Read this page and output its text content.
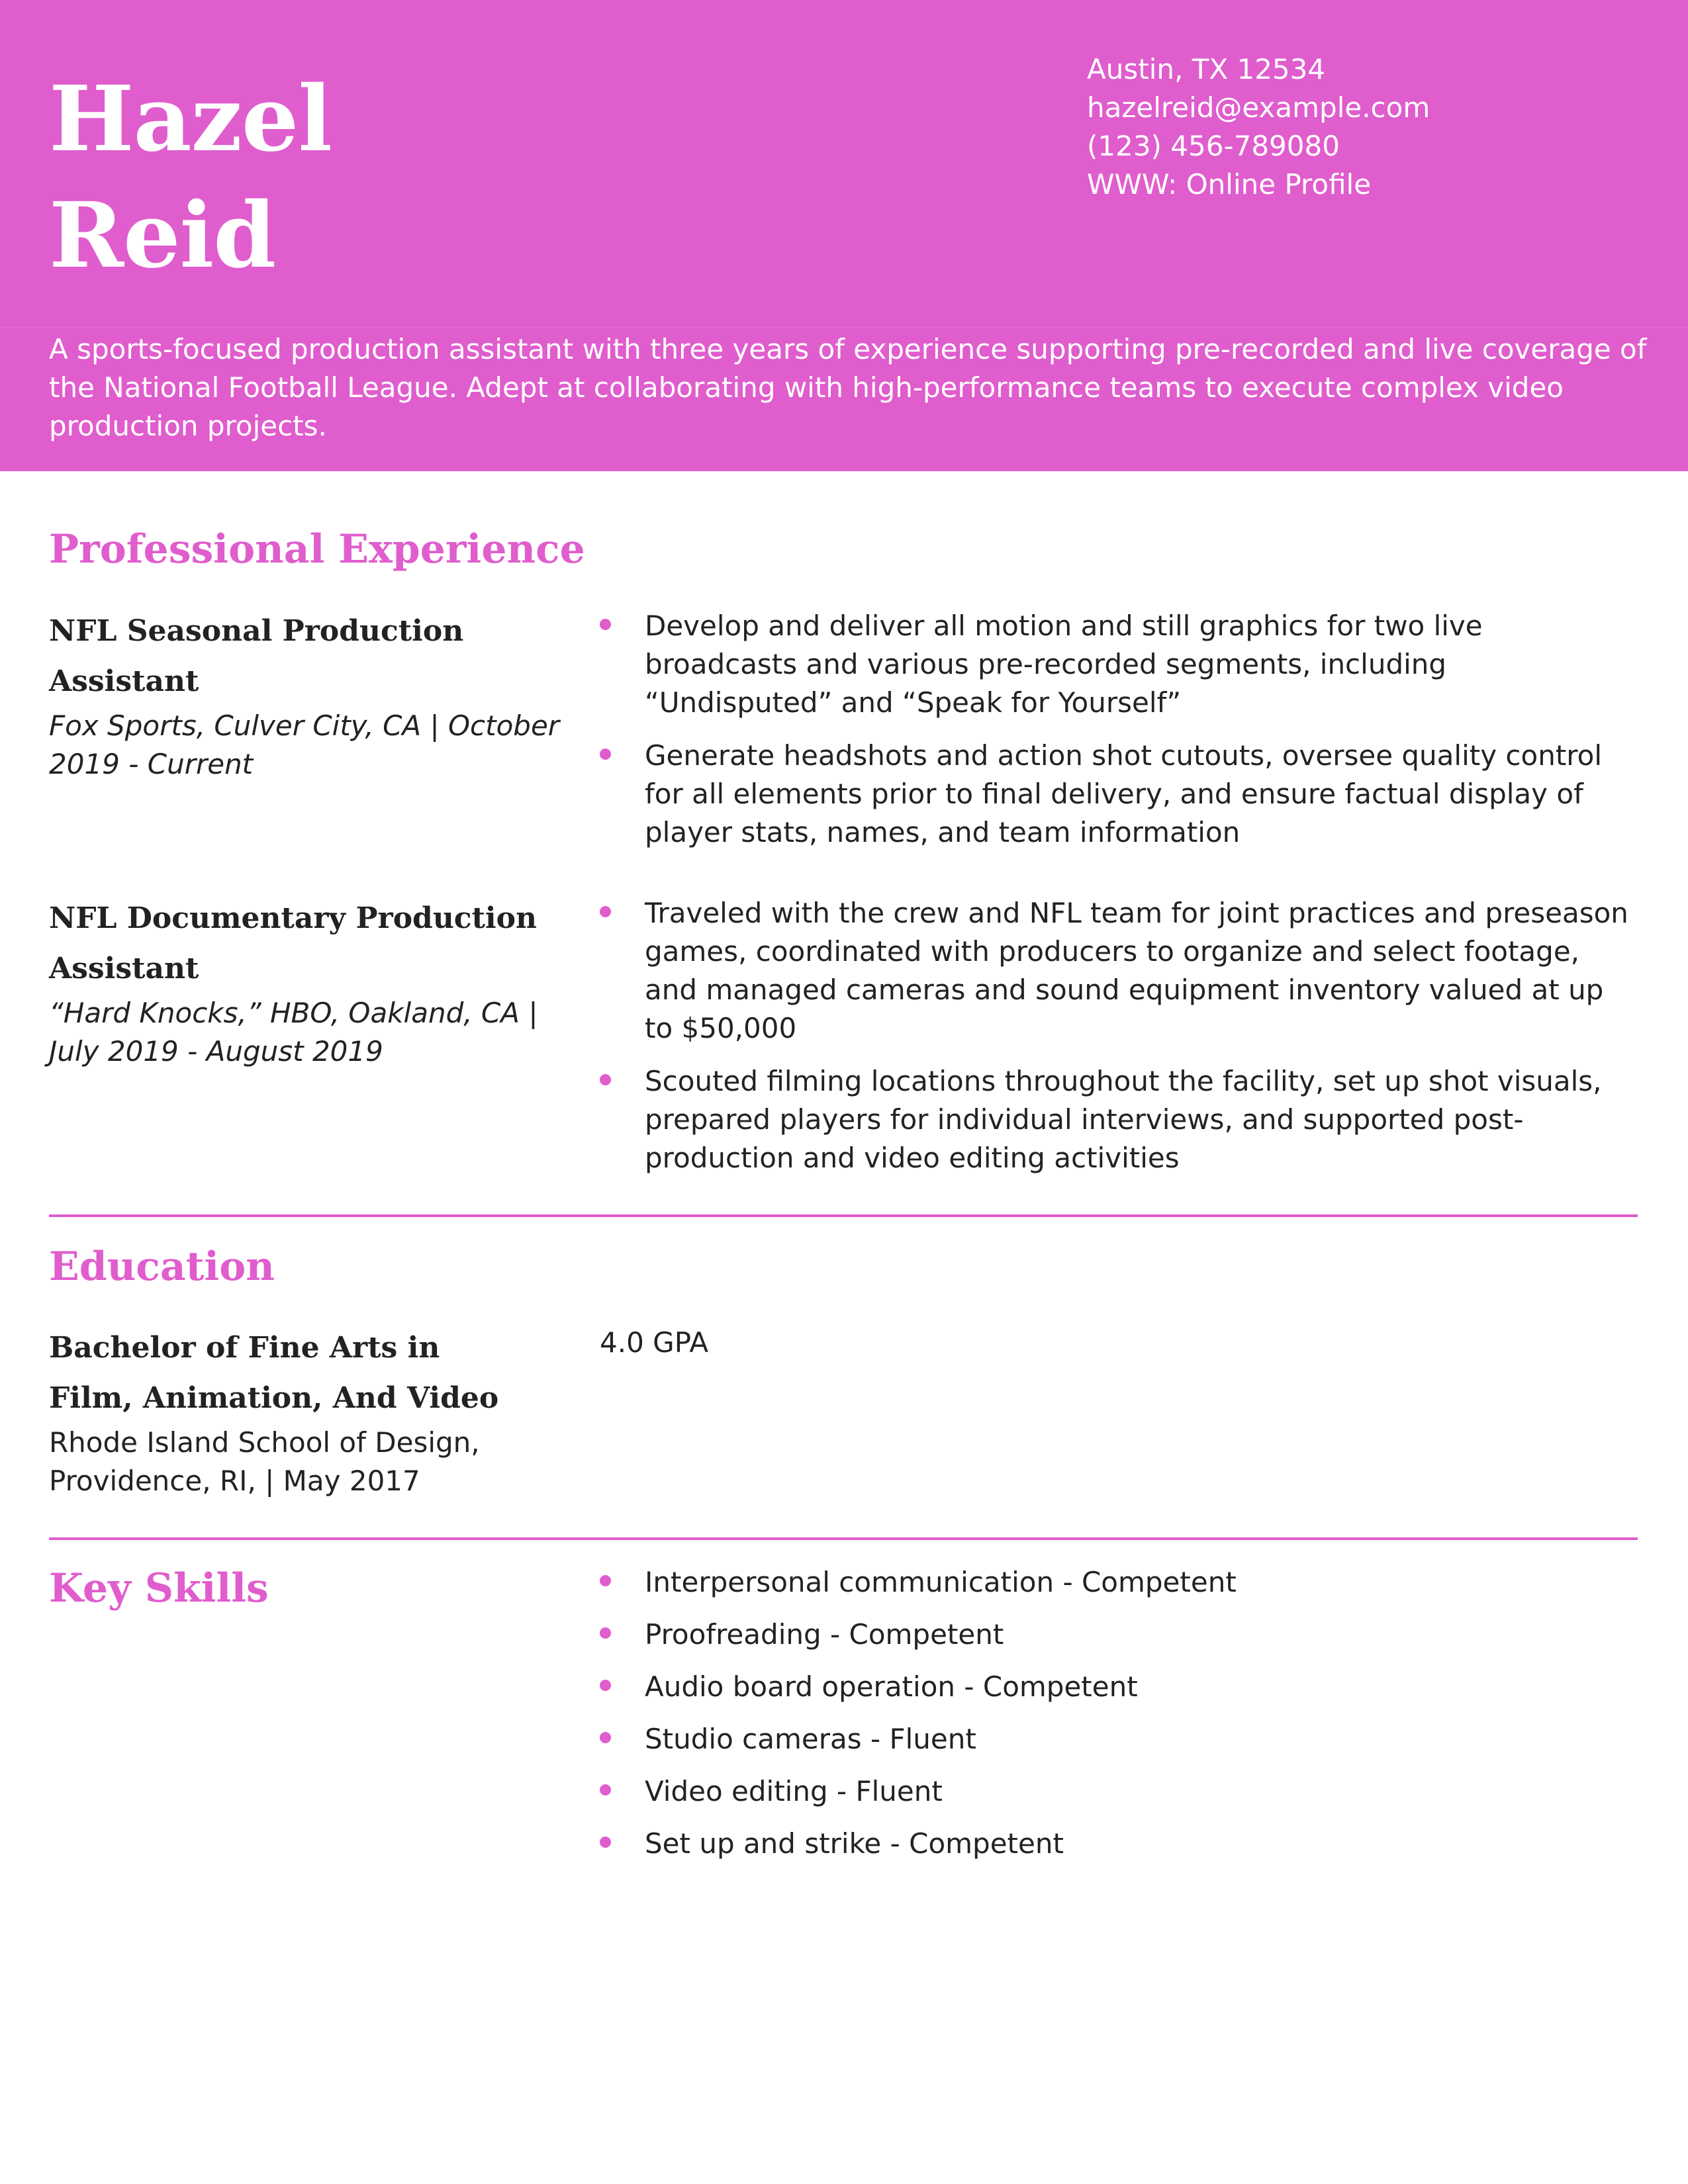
Hazel
Reid
Austin, TX 12534
hazelreid@example.com
(123) 456-789080
WWW: Online Profile
A sports-focused production assistant with three years of experience supporting pre-recorded and live coverage of the National Football League. Adept at collaborating with high-performance teams to execute complex video production projects.
Professional Experience
NFL Seasonal Production Assistant
Fox Sports, Culver City, CA | October 2019 - Current
Develop and deliver all motion and still graphics for two live broadcasts and various pre-recorded segments, including “Undisputed” and “Speak for Yourself”
Generate headshots and action shot cutouts, oversee quality control for all elements prior to final delivery, and ensure factual display of player stats, names, and team information
NFL Documentary Production Assistant
“Hard Knocks,” HBO, Oakland, CA | July 2019 - August 2019
Traveled with the crew and NFL team for joint practices and preseason games, coordinated with producers to organize and select footage, and managed cameras and sound equipment inventory valued at up to $50,000
Scouted filming locations throughout the facility, set up shot visuals, prepared players for individual interviews, and supported post-production and video editing activities
Education
Bachelor of Fine Arts in Film, Animation, And Video
Rhode Island School of Design, Providence, RI, | May 2017
4.0 GPA
Key Skills	Interpersonal communication - Competent
Proofreading - Competent
Audio board operation - Competent
Studio cameras - Fluent
Video editing - Fluent
Set up and strike - Competent
